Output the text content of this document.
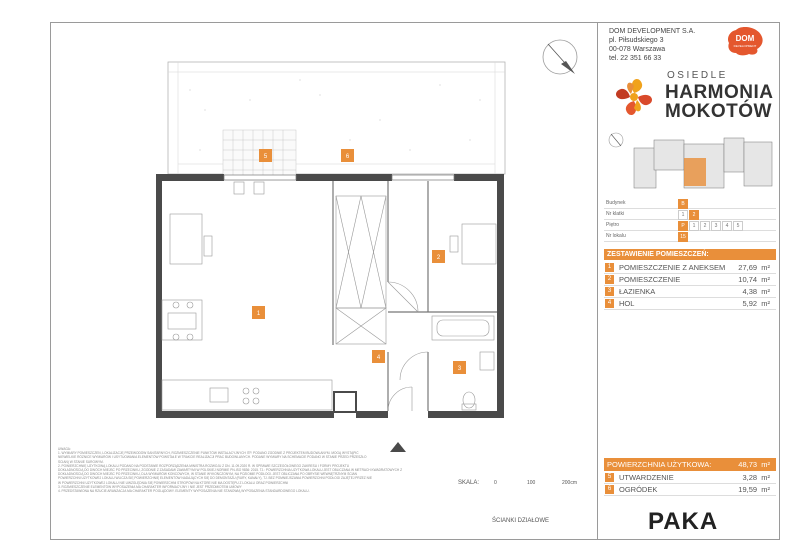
1
2
3
4
5	6
DOM DEVELOPMENT S.A.
pl. Piłsudskiego 3
00-078 Warszawa
tel. 22 351 66 33
DOM
DEVELOPMENT
OSIEDLE
HARMONIA
MOKOTÓW
Budynek	B
Nr klatki	1	2
Piętro	P	1	2	3	4	5
Nr lokalu	15
ZESTAWIENIE POMIESZCZEŃ:
1	POMIESZCZENIE Z ANEKSEM 27,69 m²
2	POMIESZCZENIE	10,74 m²
3	ŁAZIENKA	4,38 m²
4	HOL	5,92 m²
POWIERZCHNIA UŻYTKOWA:	48,73 m²
5	UTWARDZENIE	3,28 m²
6	OGRÓDEK	19,59 m²
PAKA
UWAGA:
1. WYMIARY POMIESZCZEŃ, LOKALIZACJĘ PRZEWODÓW SANITARNYCH, ROZMIESZCZENIE PUNKTÓW INSTALACYJNYCH ITP. PODANO ZGODNIE Z PROJEKTEM BUDOWLANYM. MOGĄ WYSTĄPIĆ
NIEWIELKIE RÓŻNICE WYMIARÓW I USYTUOWANIA ELEMENTÓW POWSTAŁE W TRAKCIE REALIZACJI PRAC BUDOWLANYCH. PODANE WYMIARY NA SCHEMACIE PODANO W STANIE PRZED PRZESZŁO
ŚCIAN) W STANIE SUROWYM.
2. POWIERZCHNIĘ UŻYTKOWĄ LOKALU PODANO NA PODSTAWIE ROZPORZĄDZENIA MINISTRA ROZWOJU Z DN. 11.09.2020 R. W SPRAWIE SZCZEGÓŁOWEGO ZAKRESU I FORMY PROJEKTU
DOKŁADNOŚCIĄ DO DWÓCH MIEJSC PO PRZECINKU, ZGODNIE Z ZASADAMI ZAWARTYMI W POLSKIEJ NORMIE PN-ISO 9836: 2015. TJ.: POWIERZCHNIA UŻYTKOWA LOKALU JEST OBLICZANA W METRACH KWADRATOWYCH Z
DOKŁADNOŚCIĄ DO DWÓCH MIEJSC PO PRZECINKU, DLA WYMIARÓW KOŃCOWYCH, W STANIE WYKOŃCZONYM, NA POZIOMIE PODŁOGI. JEST OBLICZANA PO OBRYSIE WEWNĘTRZNYM ŚCIAN
POWIERZCHNI UŻYTKOWEJ LOKALU WLICZA SIĘ POWIERZCHNIĘ ELEMENTÓW NADAJĄCYCH SIĘ DO DEMONTAŻU (RURY, KANAŁY), TJ. BEZ POMNIEJSZANIA POWIERZCHNI PODŁOGI ZAJĘTEJ PRZEZ NIE
W POWIERZCHNI UŻYTKOWEJ LOKALU NIE UWZGLĘDNIA SIĘ POWIERZCHNI STROPÓW NA KTÓRE NIE MA DOSTĘPU Z LOKALU ORAZ POWIERZCHNI
3. ROZMIESZCZENIE ELEMENTÓW WYPOSAŻENIA MA CHARAKTER INFORMACYJNY I NIE JEST PRZEDMIOTEM UMOWY
4. PRZEDSTAWIONA NA RZUCIE ARANŻACJA MA CHARAKTER POGLĄDOWY. ELEMENTY WYPOSAŻENIA NIE STANOWIĄ WYPOSAŻENIA STANDARDOWEGO LOKALU.
SKALA:	0	100	200cm
ŚCIANKI DZIAŁOWE
